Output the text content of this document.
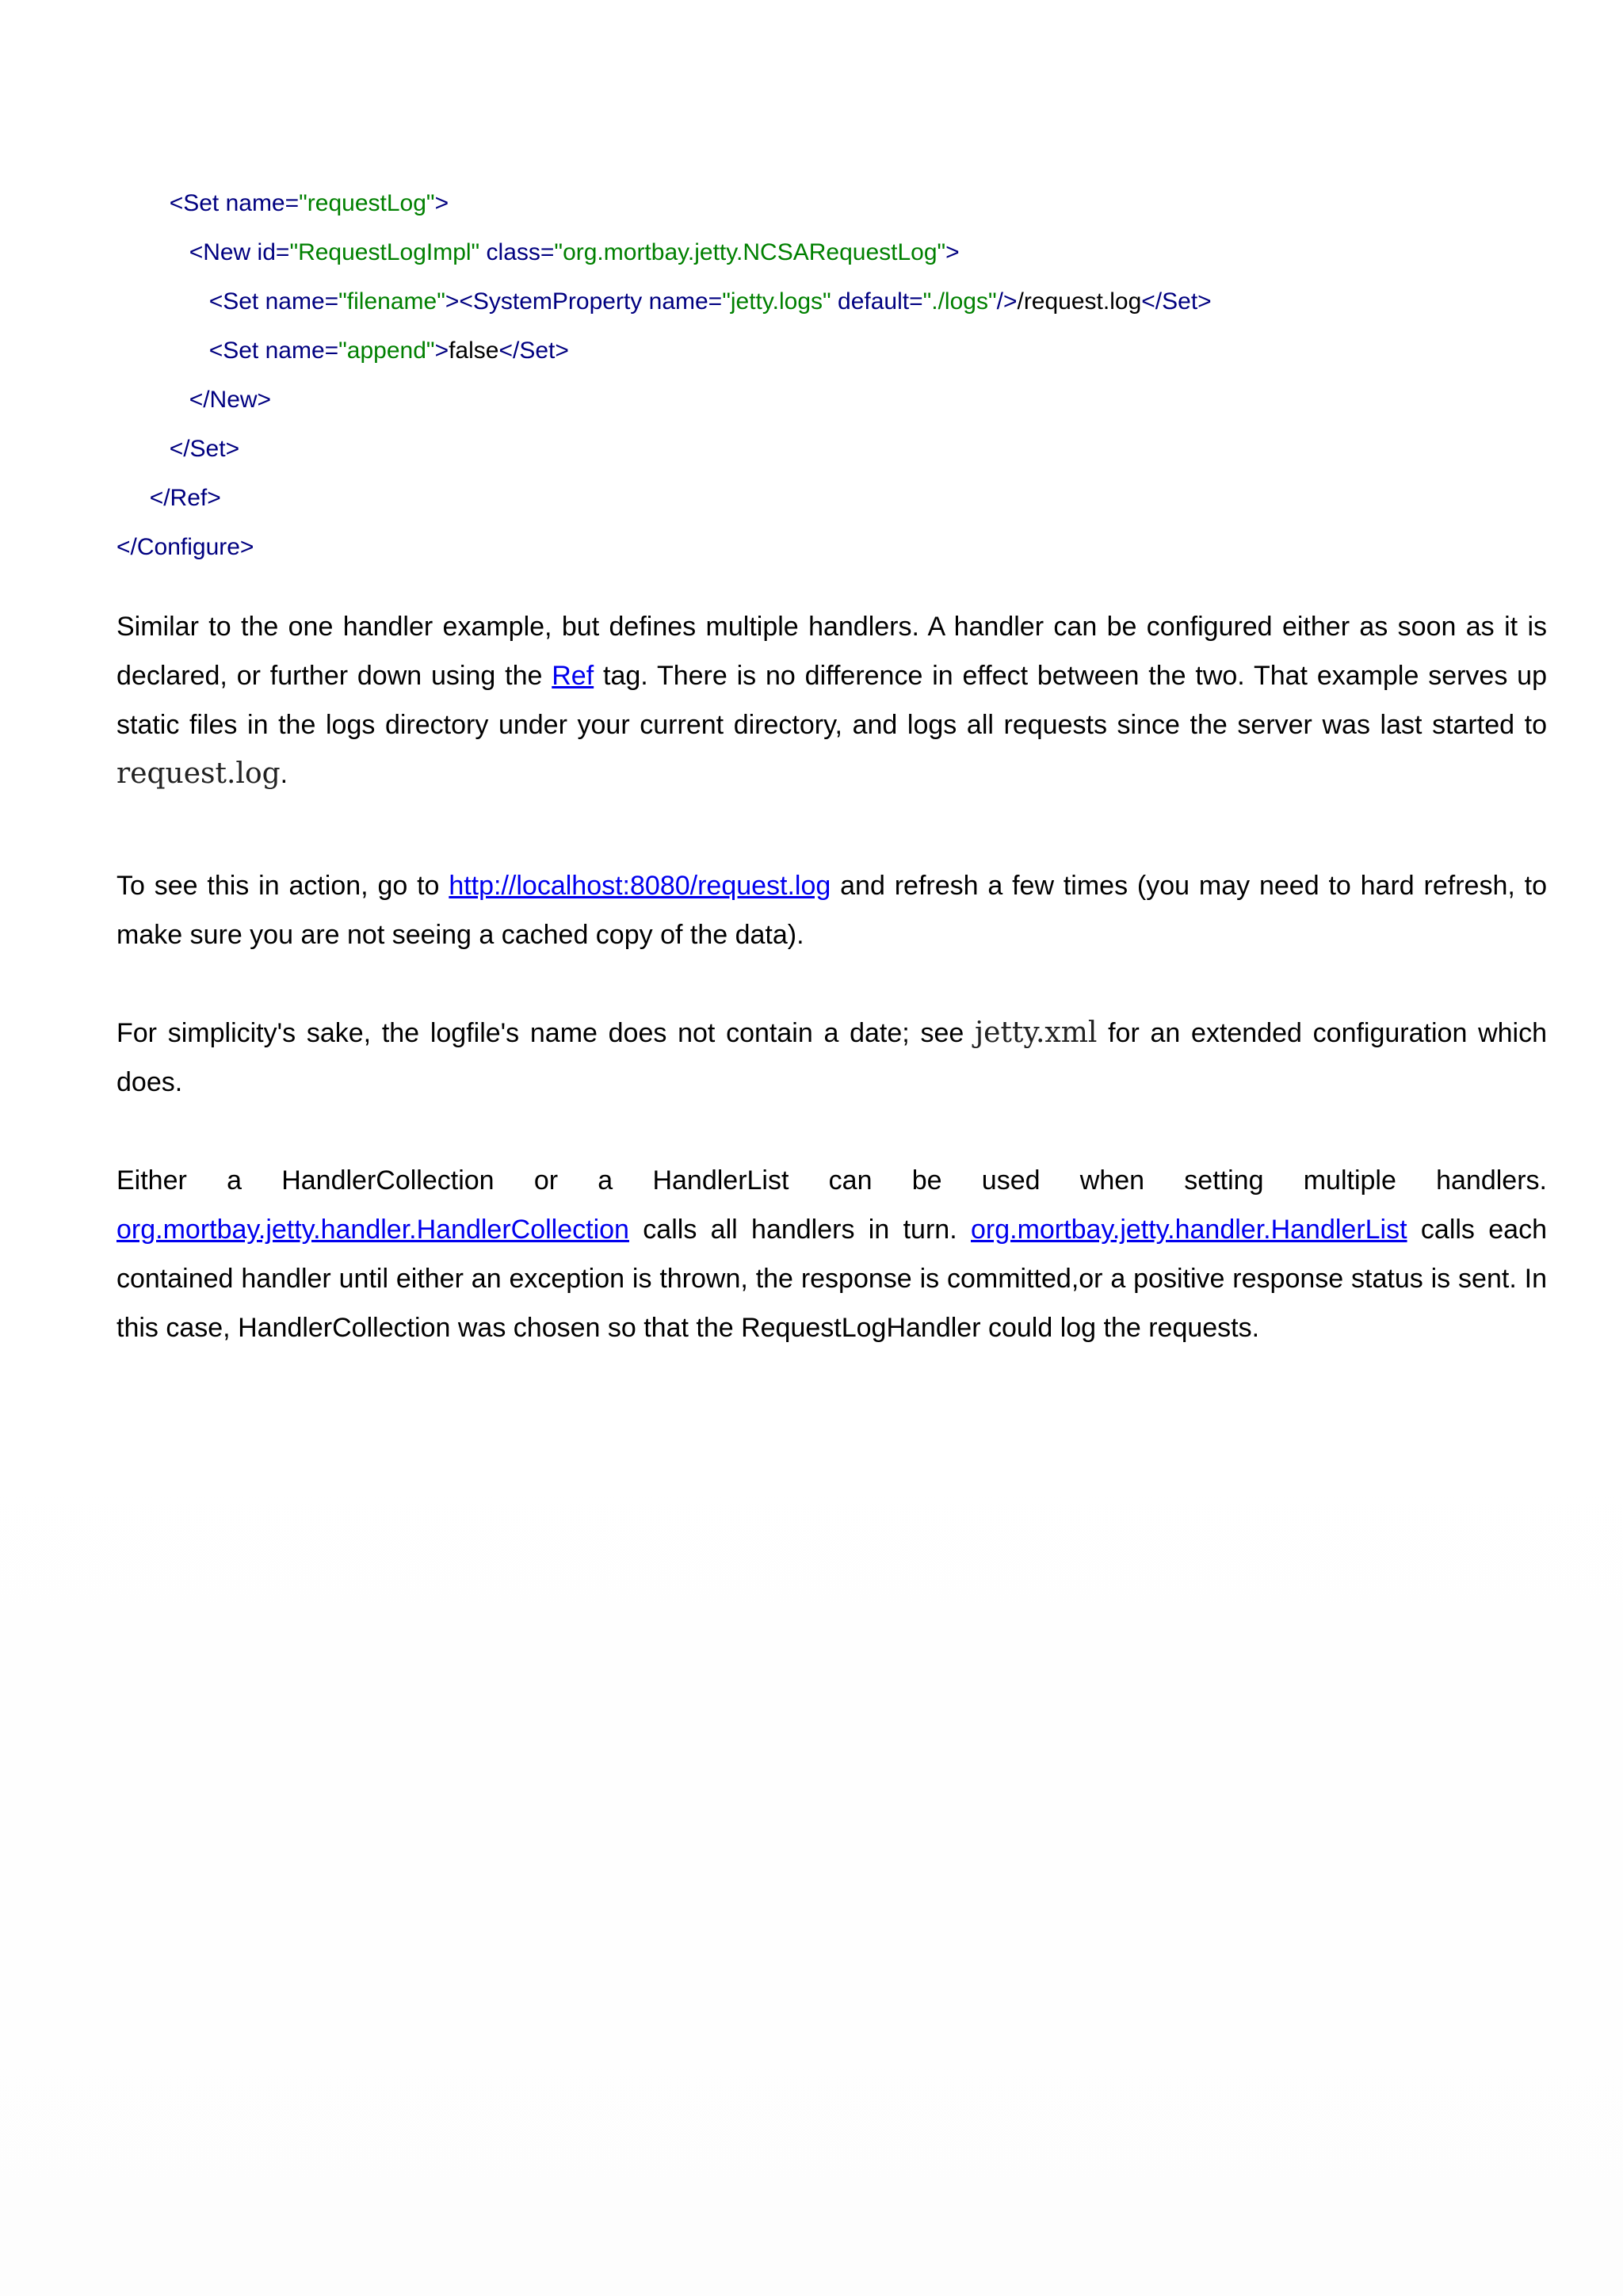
<Set name="requestLog">
<New id="RequestLogImpl" class="org.mortbay.jetty.NCSARequestLog">
<Set name="filename"><SystemProperty name="jetty.logs" default="./logs"/>/request.log</Set>
<Set name="append">false</Set>
</New>
</Set>
</Ref>
</Configure>

Similar to the one handler example, but defines multiple handlers. A handler can be configured either as soon as it is declared, or further down using the Ref tag. There is no difference in effect between the two. That example serves up static files in the logs directory under your current directory, and logs all requests since the server was last started to request.log.

To see this in action, go to http://localhost:8080/request.log and refresh a few times (you may need to hard refresh, to make sure you are not seeing a cached copy of the data).

For simplicity's sake, the logfile's name does not contain a date; see jetty.xml for an extended configuration which does.

Either a HandlerCollection or a HandlerList can be used when setting multiple handlers.
org.mortbay.jetty.handler.HandlerCollection calls all handlers in turn. org.mortbay.jetty.handler.HandlerList calls each contained handler until either an exception is thrown, the response is committed,or a positive response status is sent. In this case, HandlerCollection was chosen so that the RequestLogHandler could log the requests.
